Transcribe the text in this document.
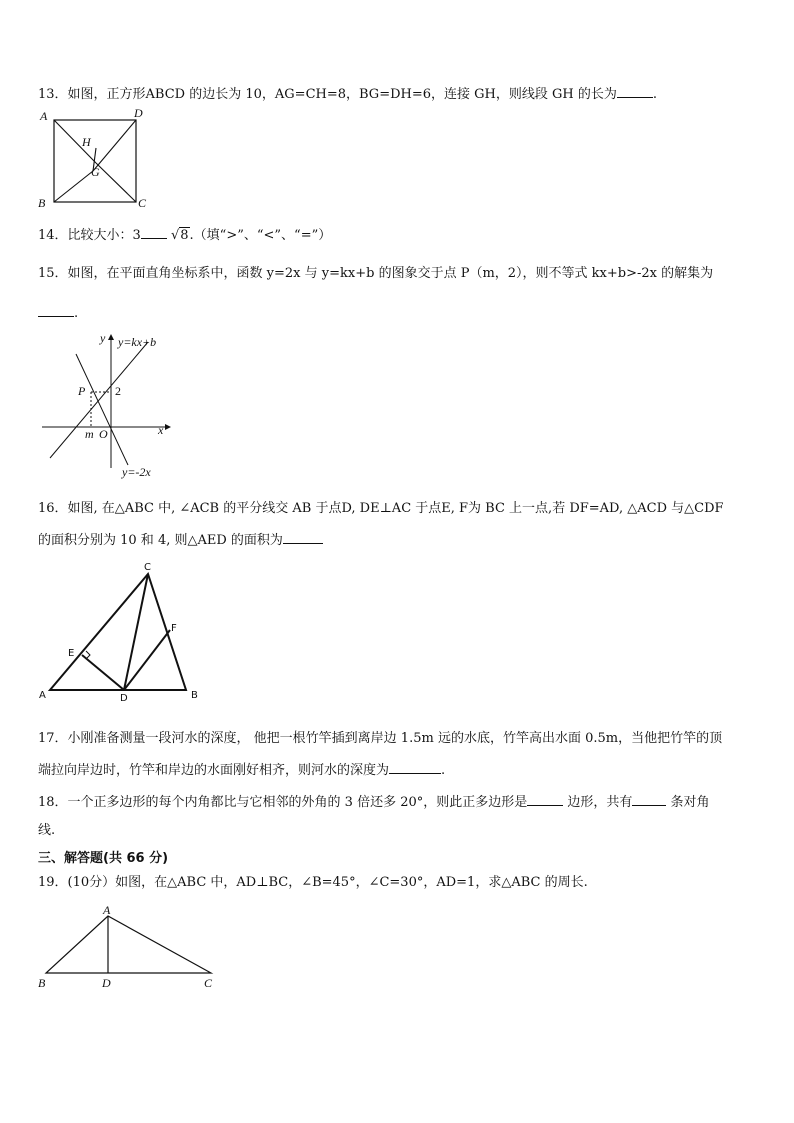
13．如图，正方形ABCD 的边长为 10，AG=CH=8，BG=DH=6，连接 GH，则线段 GH 的长为	.
A	D
B	C
H
G
14．比较大小：3 √8.（填“>”、“<”、“=”）
15．如图，在平面直角坐标系中，函数 y=2x 与 y=kx+b 的图象交于点 P（m，2），则不等式 kx+b>-2x 的解集为
.
y y=kx+b
P 2
m O	x
y=-2x
16．如图, 在△ABC 中, ∠ACB 的平分线交 AB 于点D, DE⊥AC 于点E, F为 BC 上一点,若 DF=AD, △ACD 与△CDF
的面积分别为 10 和 4, 则△AED 的面积为
C
F
E
A	D	B
17．小刚准备测量一段河水的深度， 他把一根竹竿插到离岸边 1.5m 远的水底，竹竿高出水面 0.5m，当他把竹竿的顶
端拉向岸边时，竹竿和岸边的水面刚好相齐，则河水的深度为	.
18．一个正多边形的每个内角都比与它相邻的外角的 3 倍还多 20°，则此正多边形是	边形，共有	条对角
线.
三、解答题(共 66 分)
19．(10分）如图，在△ABC 中，AD⊥BC，∠B=45°，∠C=30°，AD=1，求△ABC 的周长.
A
B	D	C
